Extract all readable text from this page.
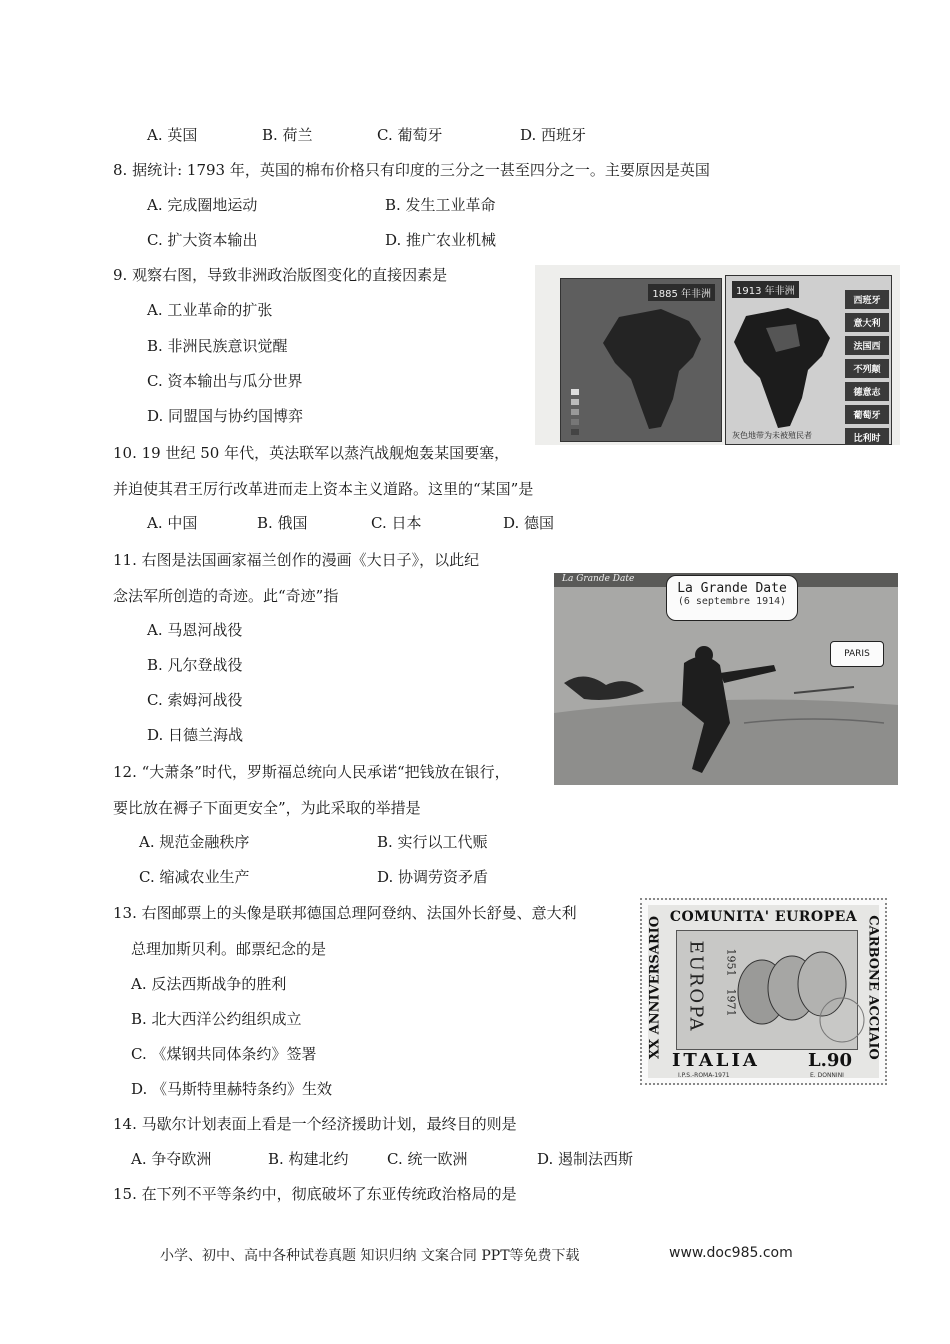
A. 英国	B. 荷兰	C. 葡萄牙	D. 西班牙
8. 据统计: 1793 年，英国的棉布价格只有印度的三分之一甚至四分之一。主要原因是英国
A. 完成圈地运动	B. 发生工业革命
C. 扩大资本输出	D. 推广农业机械
9. 观察右图，导致非洲政治版图变化的直接因素是
A. 工业革命的扩张
B. 非洲民族意识觉醒
C. 资本输出与瓜分世界
D. 同盟国与协约国博弈
1885 年非洲	1913 年非洲
西班牙
意大利
法国西
不列颠
德意志
葡萄牙
比利时
灰色地带为未被殖民者
10. 19 世纪 50 年代，英法联军以蒸汽战舰炮轰某国要塞，
并迫使其君王厉行改革进而走上资本主义道路。这里的“某国”是
A. 中国	B. 俄国	C. 日本	D. 德国
11. 右图是法国画家福兰创作的漫画《大日子》，以此纪
念法军所创造的奇迹。此“奇迹”指
A. 马恩河战役
B. 凡尔登战役
C. 索姆河战役
D. 日德兰海战
La Grande Date
La Grande Date
(6 septembre 1914)
PARIS
12. “大萧条”时代，罗斯福总统向人民承诺“把钱放在银行，
要比放在褥子下面更安全”，为此采取的举措是
A. 规范金融秩序	B. 实行以工代赈
C. 缩减农业生产	D. 协调劳资矛盾
13. 右图邮票上的头像是联邦德国总理阿登纳、法国外长舒曼、意大利
总理加斯贝利。邮票纪念的是
A. 反法西斯战争的胜利
B. 北大西洋公约组织成立
C. 《煤钢共同体条约》签署
D. 《马斯特里赫特条约》生效
COMUNITA' EUROPEA
XX ANNIVERSARIO	CARBONE ACCIAIO
EUROPA 1951
1971
ITALIA	L.90
I.P.S.-ROMA-1971	E. DONNINI
14. 马歇尔计划表面上看是一个经济援助计划，最终目的则是
A. 争夺欧洲	B. 构建北约	C. 统一欧洲	D. 遏制法西斯
15. 在下列不平等条约中，彻底破坏了东亚传统政治格局的是
小学、初中、高中各种试卷真题 知识归纳 文案合同 PPT等免费下载	www.doc985.com
